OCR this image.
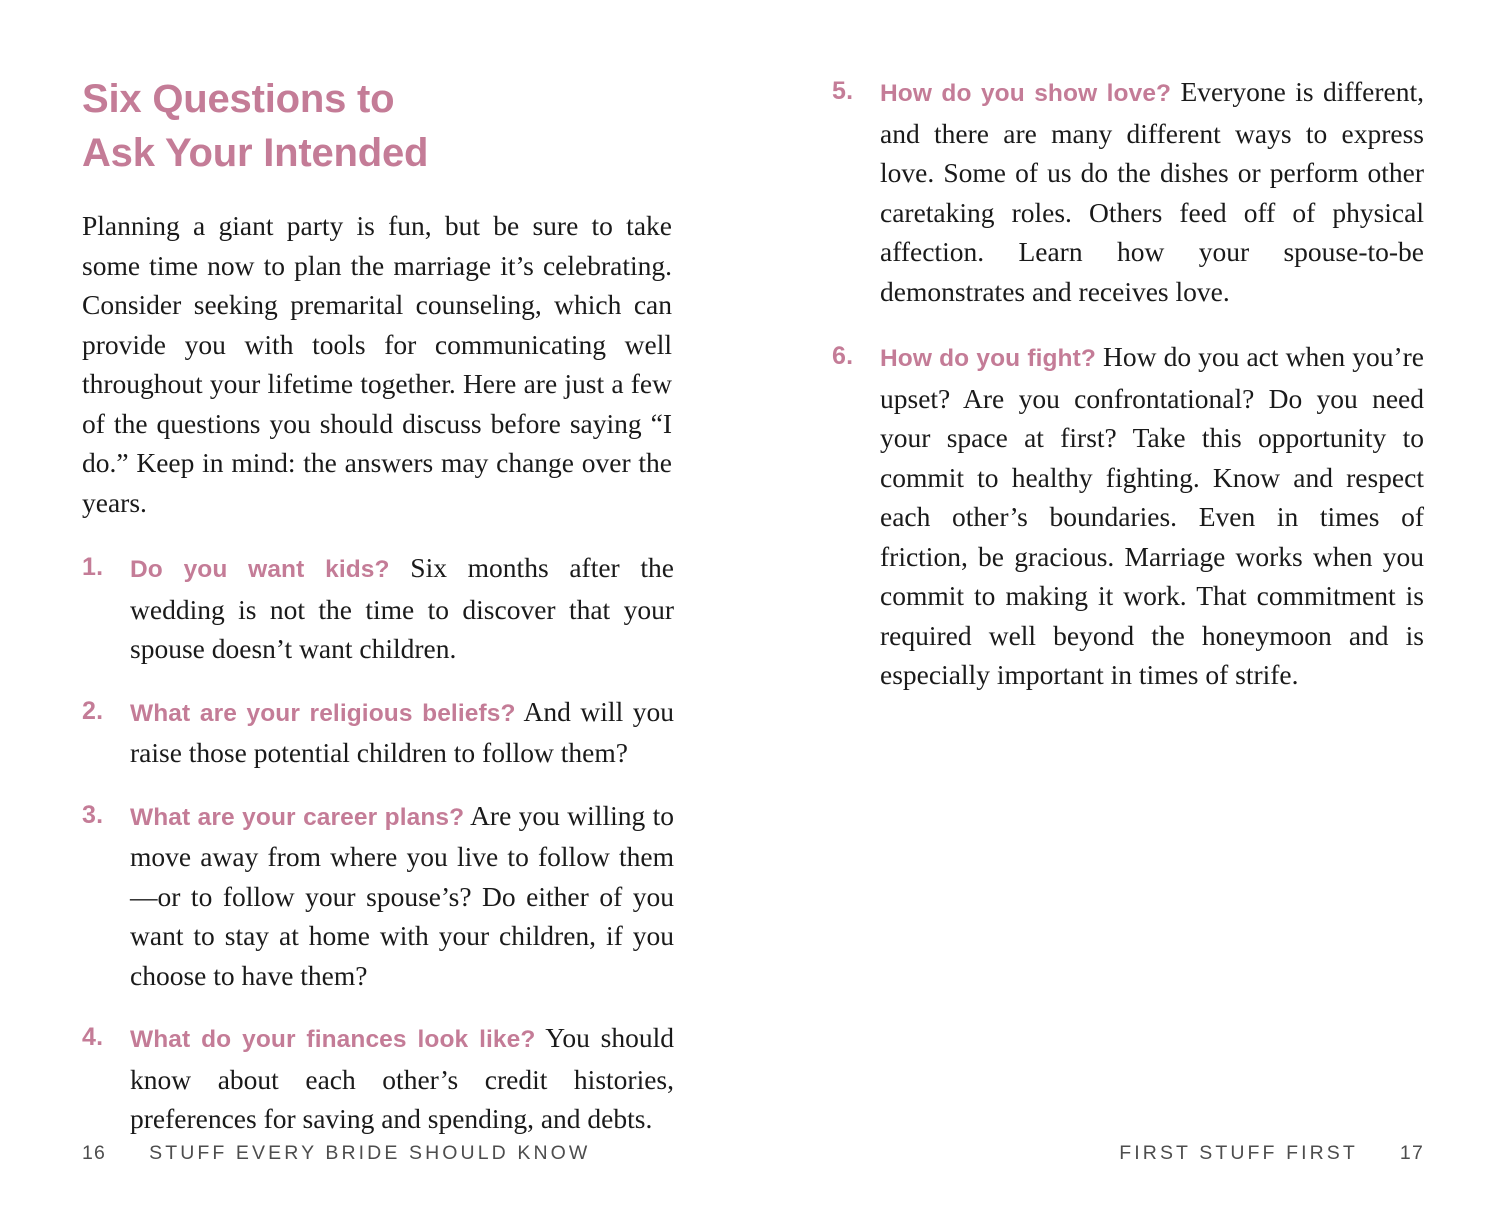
Six Questions to
Ask Your Intended

Planning a giant party is fun, but be sure to take some time now to plan the marriage it’s celebrating. Consider seeking premarital counseling, which can provide you with tools for communicating well throughout your lifetime together. Here are just a few of the questions you should discuss before saying “I do.” Keep in mind: the answers may change over the years.

1. Do you want kids? Six months after the wedding is not the time to discover that your spouse doesn’t want children.
2. What are your religious beliefs? And will you raise those potential children to follow them?
3. What are your career plans? Are you willing to move away from where you live to follow them—or to follow your spouse’s? Do either of you want to stay at home with your children, if you choose to have them?
4. What do your finances look like? You should know about each other’s credit histories, preferences for saving and spending, and debts.
16 STUFF EVERY BRIDE SHOULD KNOW
5. How do you show love? Everyone is different, and there are many different ways to express love. Some of us do the dishes or perform other caretaking roles. Others feed off of physical affection. Learn how your spouse-to-be demonstrates and receives love.
6. How do you fight? How do you act when you’re upset? Are you confrontational? Do you need your space at first? Take this opportunity to commit to healthy fighting. Know and respect each other’s boundaries. Even in times of friction, be gracious. Marriage works when you commit to making it work. That commitment is required well beyond the honeymoon and is especially important in times of strife.
FIRST STUFF FIRST 17
